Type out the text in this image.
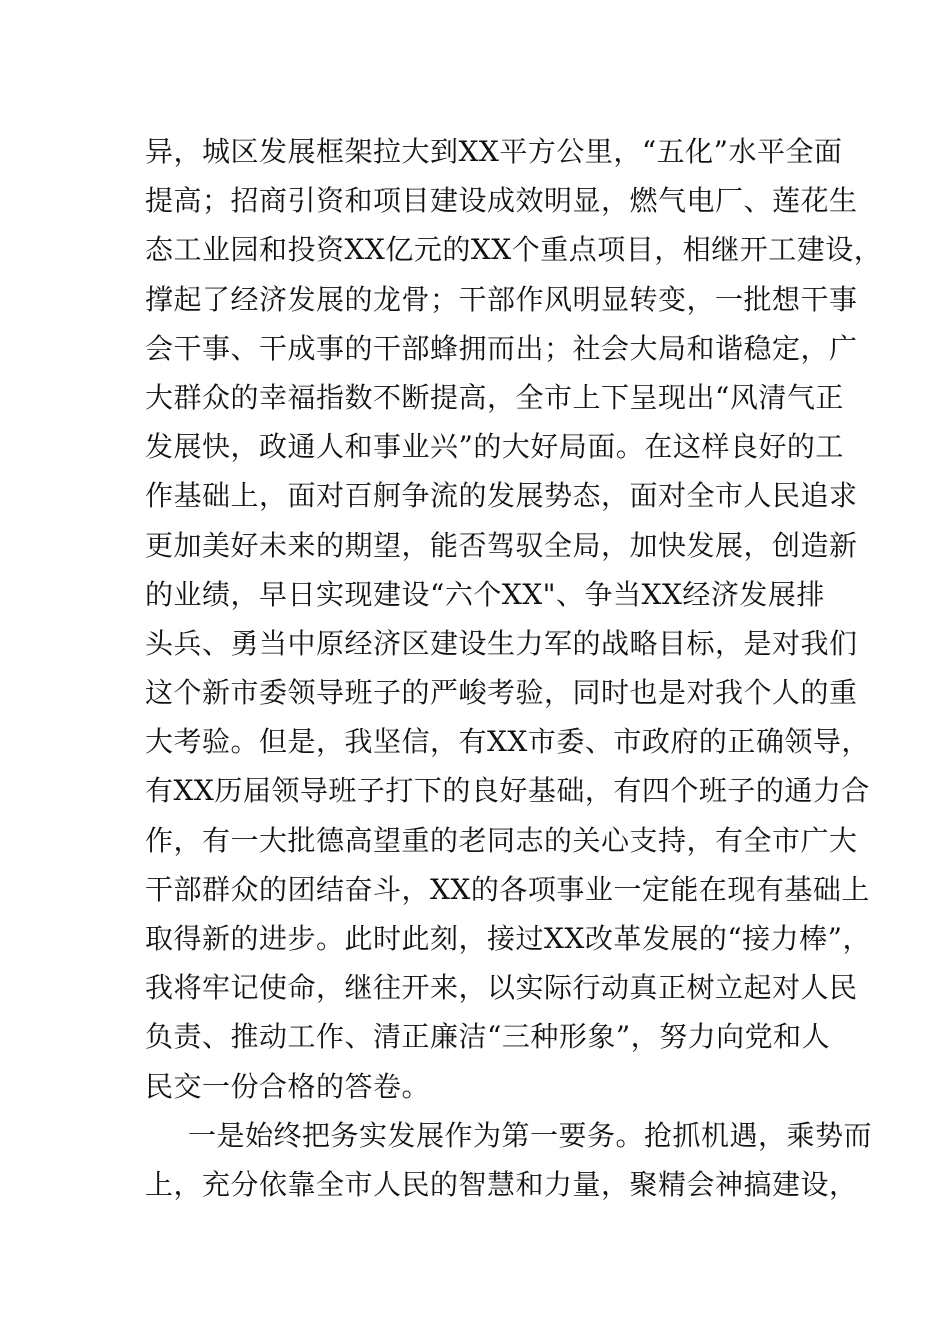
异，城区发展框架拉大到XX平方公里，“五化”水平全面
提高；招商引资和项目建设成效明显，燃气电厂、莲花生
态工业园和投资XX亿元的XX个重点项目，相继开工建设，
撑起了经济发展的龙骨；干部作风明显转变，一批想干事
会干事、干成事的干部蜂拥而出；社会大局和谐稳定，广
大群众的幸福指数不断提高，全市上下呈现出“风清气正
发展快，政通人和事业兴”的大好局面。在这样良好的工
作基础上，面对百舸争流的发展势态，面对全市人民追求
更加美好未来的期望，能否驾驭全局，加快发展，创造新
的业绩，早日实现建设“六个XX"、争当XX经济发展排
头兵、勇当中原经济区建设生力军的战略目标，是对我们
这个新市委领导班子的严峻考验，同时也是对我个人的重
大考验。但是，我坚信，有XX市委、市政府的正确领导，
有XX历届领导班子打下的良好基础，有四个班子的通力合
作，有一大批德高望重的老同志的关心支持，有全市广大
干部群众的团结奋斗，XX的各项事业一定能在现有基础上
取得新的进步。此时此刻，接过XX改革发展的“接力棒”，
我将牢记使命，继往开来，以实际行动真正树立起对人民
负责、推动工作、清正廉洁“三种形象”，努力向党和人
民交一份合格的答卷。
一是始终把务实发展作为第一要务。抢抓机遇，乘势而
上，充分依靠全市人民的智慧和力量，聚精会神搞建设，
